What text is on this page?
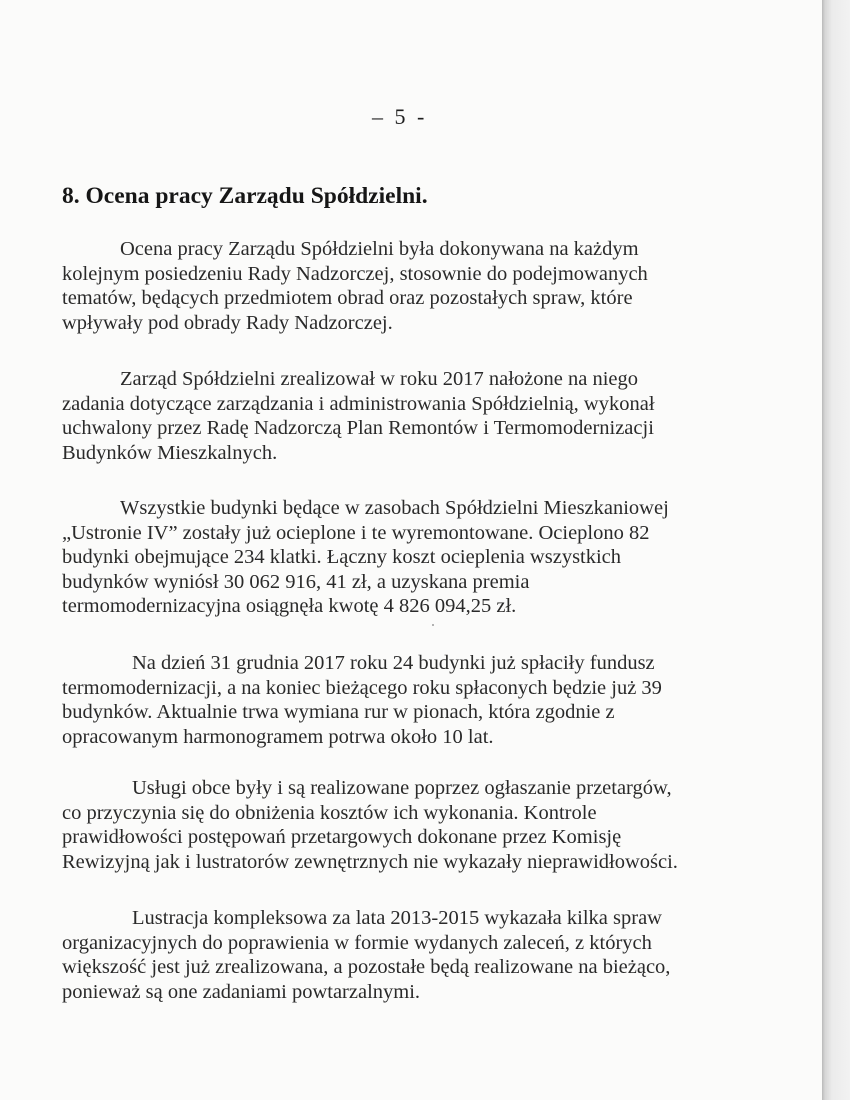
– 5 -
8. Ocena pracy Zarządu Spółdzielni.

Ocena pracy Zarządu Spółdzielni była dokonywana na każdym
kolejnym posiedzeniu Rady Nadzorczej, stosownie do podejmowanych
tematów, będących przedmiotem obrad oraz pozostałych spraw, które
wpływały pod obrady Rady Nadzorczej.

Zarząd Spółdzielni zrealizował w roku 2017 nałożone na niego
zadania dotyczące zarządzania i administrowania Spółdzielnią, wykonał
uchwalony przez Radę Nadzorczą Plan Remontów i Termomodernizacji
Budynków Mieszkalnych.

Wszystkie budynki będące w zasobach Spółdzielni Mieszkaniowej
„Ustronie IV” zostały już ocieplone i te wyremontowane. Ocieplono 82
budynki obejmujące 234 klatki. Łączny koszt ocieplenia wszystkich
budynków wyniósł 30 062 916, 41 zł, a uzyskana premia
termomodernizacyjna osiągnęła kwotę 4 826 094,25 zł.

Na dzień 31 grudnia 2017 roku 24 budynki już spłaciły fundusz
termomodernizacji, a na koniec bieżącego roku spłaconych będzie już 39
budynków. Aktualnie trwa wymiana rur w pionach, która zgodnie z
opracowanym harmonogramem potrwa około 10 lat.

Usługi obce były i są realizowane poprzez ogłaszanie przetargów,
co przyczynia się do obniżenia kosztów ich wykonania. Kontrole
prawidłowości postępowań przetargowych dokonane przez Komisję
Rewizyjną jak i lustratorów zewnętrznych nie wykazały nieprawidłowości.

Lustracja kompleksowa za lata 2013-2015 wykazała kilka spraw
organizacyjnych do poprawienia w formie wydanych zaleceń, z których
większość jest już zrealizowana, a pozostałe będą realizowane na bieżąco,
ponieważ są one zadaniami powtarzalnymi.
